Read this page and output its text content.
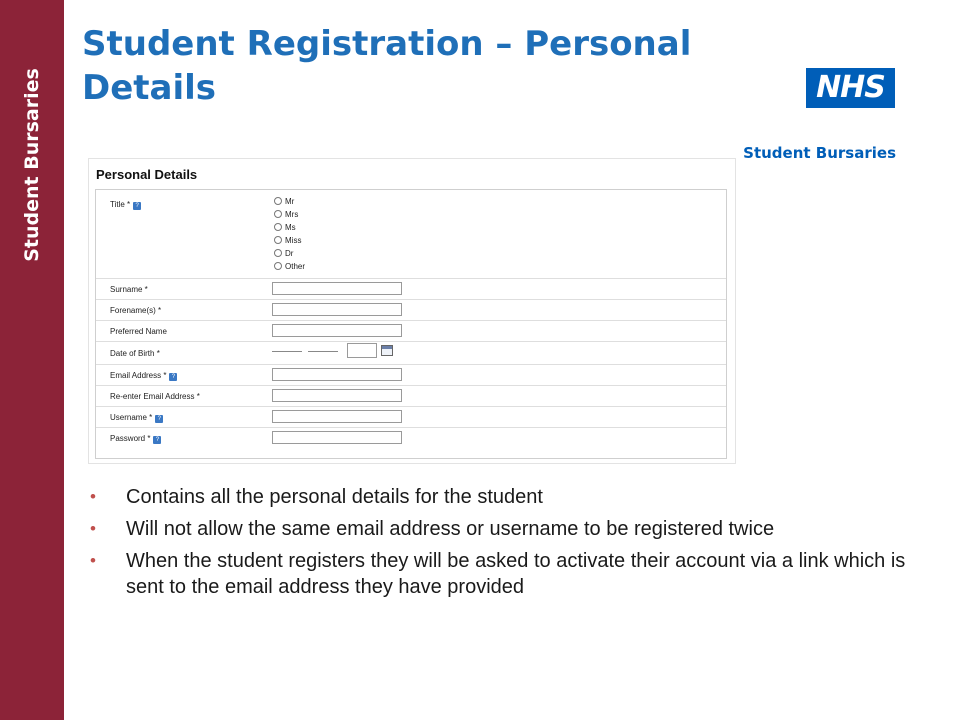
Student Bursaries
Student Registration – Personal Details	NHS
Student Bursaries
Personal Details
Title * ?	Mr
Mrs
Ms
Miss
Dr
Other
Surname *
Forename(s) *
Preferred Name
Date of Birth *
Email Address * ?
Re-enter Email Address *
Username * ?
Password * ?
• Contains all the personal details for the student
• Will not allow the same email address or username to be registered twice
• When the student registers they will be asked to activate their account via a link which is sent to the email address they have provided
